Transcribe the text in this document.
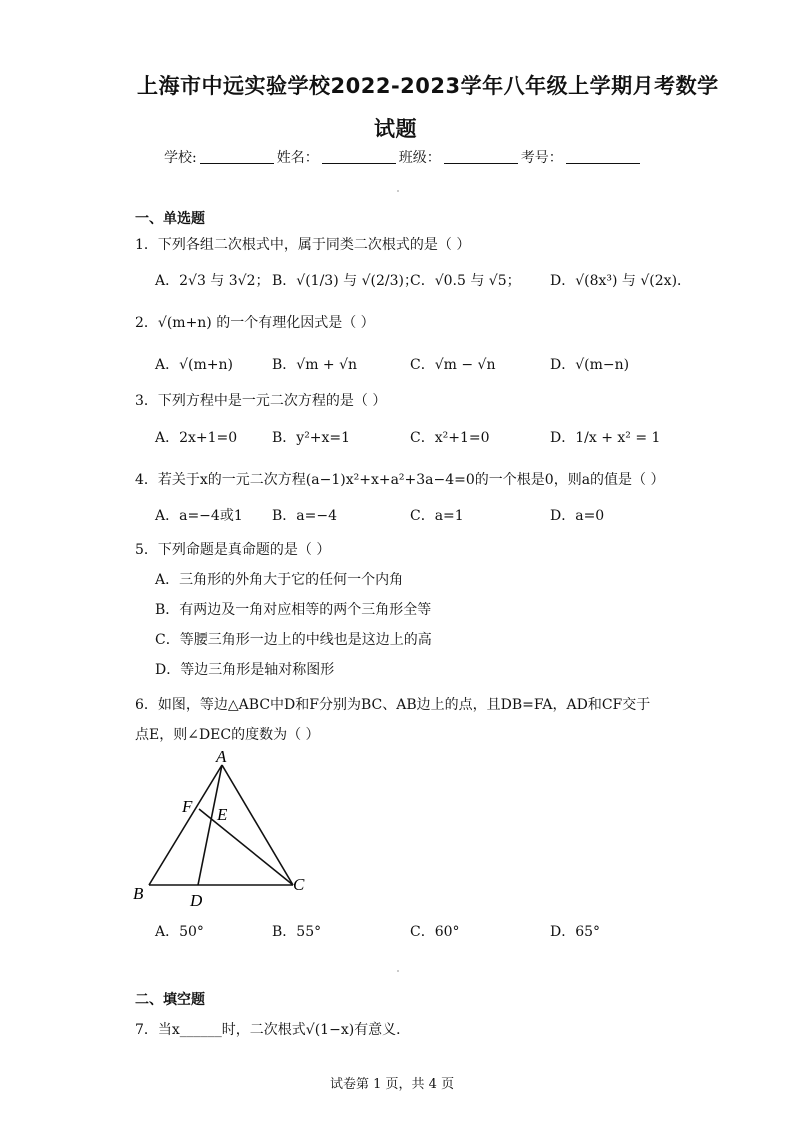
上海市中远实验学校2022-2023学年八年级上学期月考数学
试题
学校:	姓名：	班级：	考号：
一、单选题
1．下列各组二次根式中，属于同类二次根式的是（ ）
A．2√3 与 3√2； B．√(1/3) 与 √(2/3)；
C．√0.5 与 √5； D．√(8x³) 与 √(2x)．
2．√(m+n) 的一个有理化因式是（ ）
A．√(m+n)	B．√m + √n	C．√m − √n	D．√(m−n)
3．下列方程中是一元二次方程的是（ ）
A．2x+1=0 B．y²+x=1	C．x²+1=0	D．1/x + x² = 1
4．若关于x的一元二次方程(a−1)x²+x+a²+3a−4=0的一个根是0，则a的值是（ ）
A．a=−4或1 B．a=−4	C．a=1	D．a=0
5．下列命题是真命题的是（ ）
A．三角形的外角大于它的任何一个内角
B．有两边及一角对应相等的两个三角形全等
C．等腰三角形一边上的中线也是这边上的高
D．等边三角形是轴对称图形
6．如图，等边△ABC中D和F分别为BC、AB边上的点，且DB=FA，AD和CF交于
点E，则∠DEC的度数为（ ）
A
B	C
D
E
F
A．50°	B．55°	C．60°	D．65°
二、填空题
7．当x______时，二次根式√(1−x)有意义．
试卷第 1 页，共 4 页
